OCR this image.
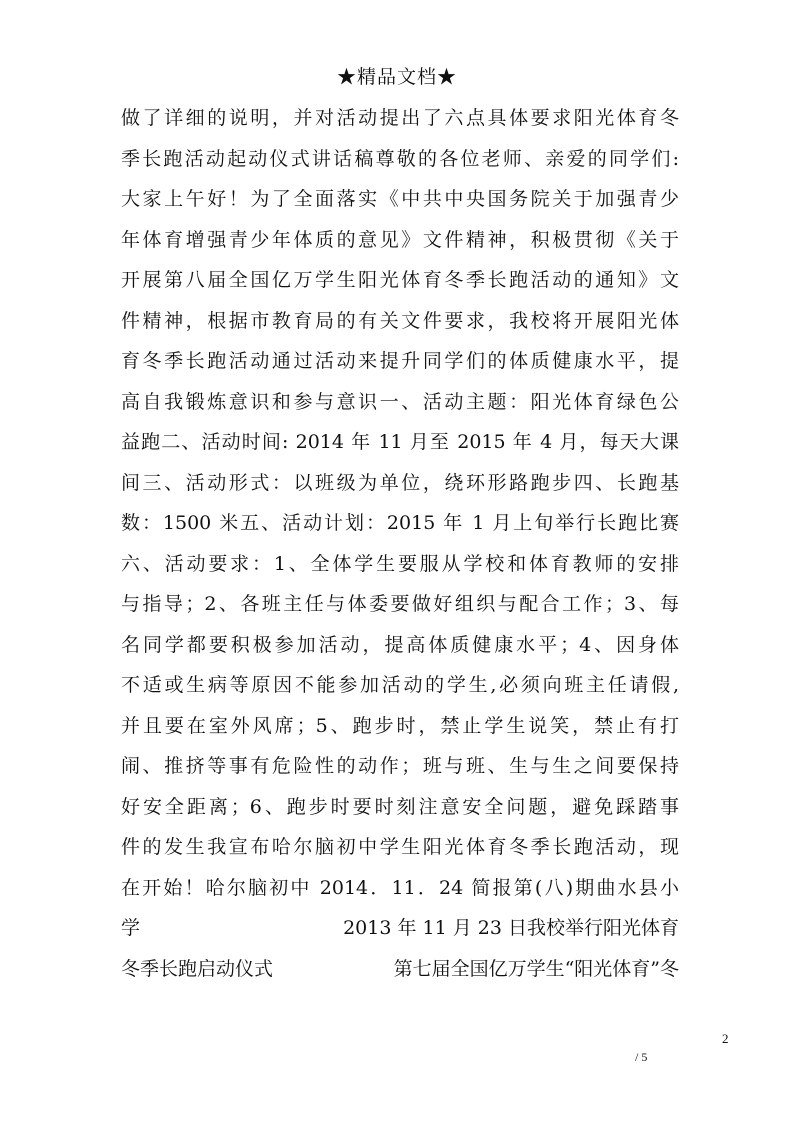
★精品文档★
做了详细的说明，并对活动提出了六点具体要求阳光体育冬
季长跑活动起动仪式讲话稿尊敬的各位老师、亲爱的同学们:
大家上午好！为了全面落实《中共中央国务院关于加强青少
年体育增强青少年体质的意见》文件精神，积极贯彻《关于
开展第八届全国亿万学生阳光体育冬季长跑活动的通知》文
件精神，根据市教育局的有关文件要求，我校将开展阳光体
育冬季长跑活动通过活动来提升同学们的体质健康水平，提
高自我锻炼意识和参与意识一、活动主题：阳光体育绿色公
益跑二、活动时间: 2014 年 11 月至 2015 年 4 月，每天大课
间三、活动形式：以班级为单位，绕环形路跑步四、长跑基
数：1500 米五、活动计划：2015 年 1 月上旬举行长跑比赛
六、活动要求：1、全体学生要服从学校和体育教师的安排
与指导；2、各班主任与体委要做好组织与配合工作；3、每
名同学都要积极参加活动，提高体质健康水平；4、因身体
不适或生病等原因不能参加活动的学生,必须向班主任请假,
并且要在室外风席；5、跑步时，禁止学生说笑，禁止有打
闹、推挤等事有危险性的动作；班与班、生与生之间要保持
好安全距离；6、跑步时要时刻注意安全问题，避免踩踏事
件的发生我宣布哈尔脑初中学生阳光体育冬季长跑活动，现
在开始！哈尔脑初中 2014．11．24 简报第(八)期曲水县小
学	2013 年 11 月 23 日我校举行阳光体育
冬季长跑启动仪式	第七届全国亿万学生“阳光体育”冬
2
/ 5
